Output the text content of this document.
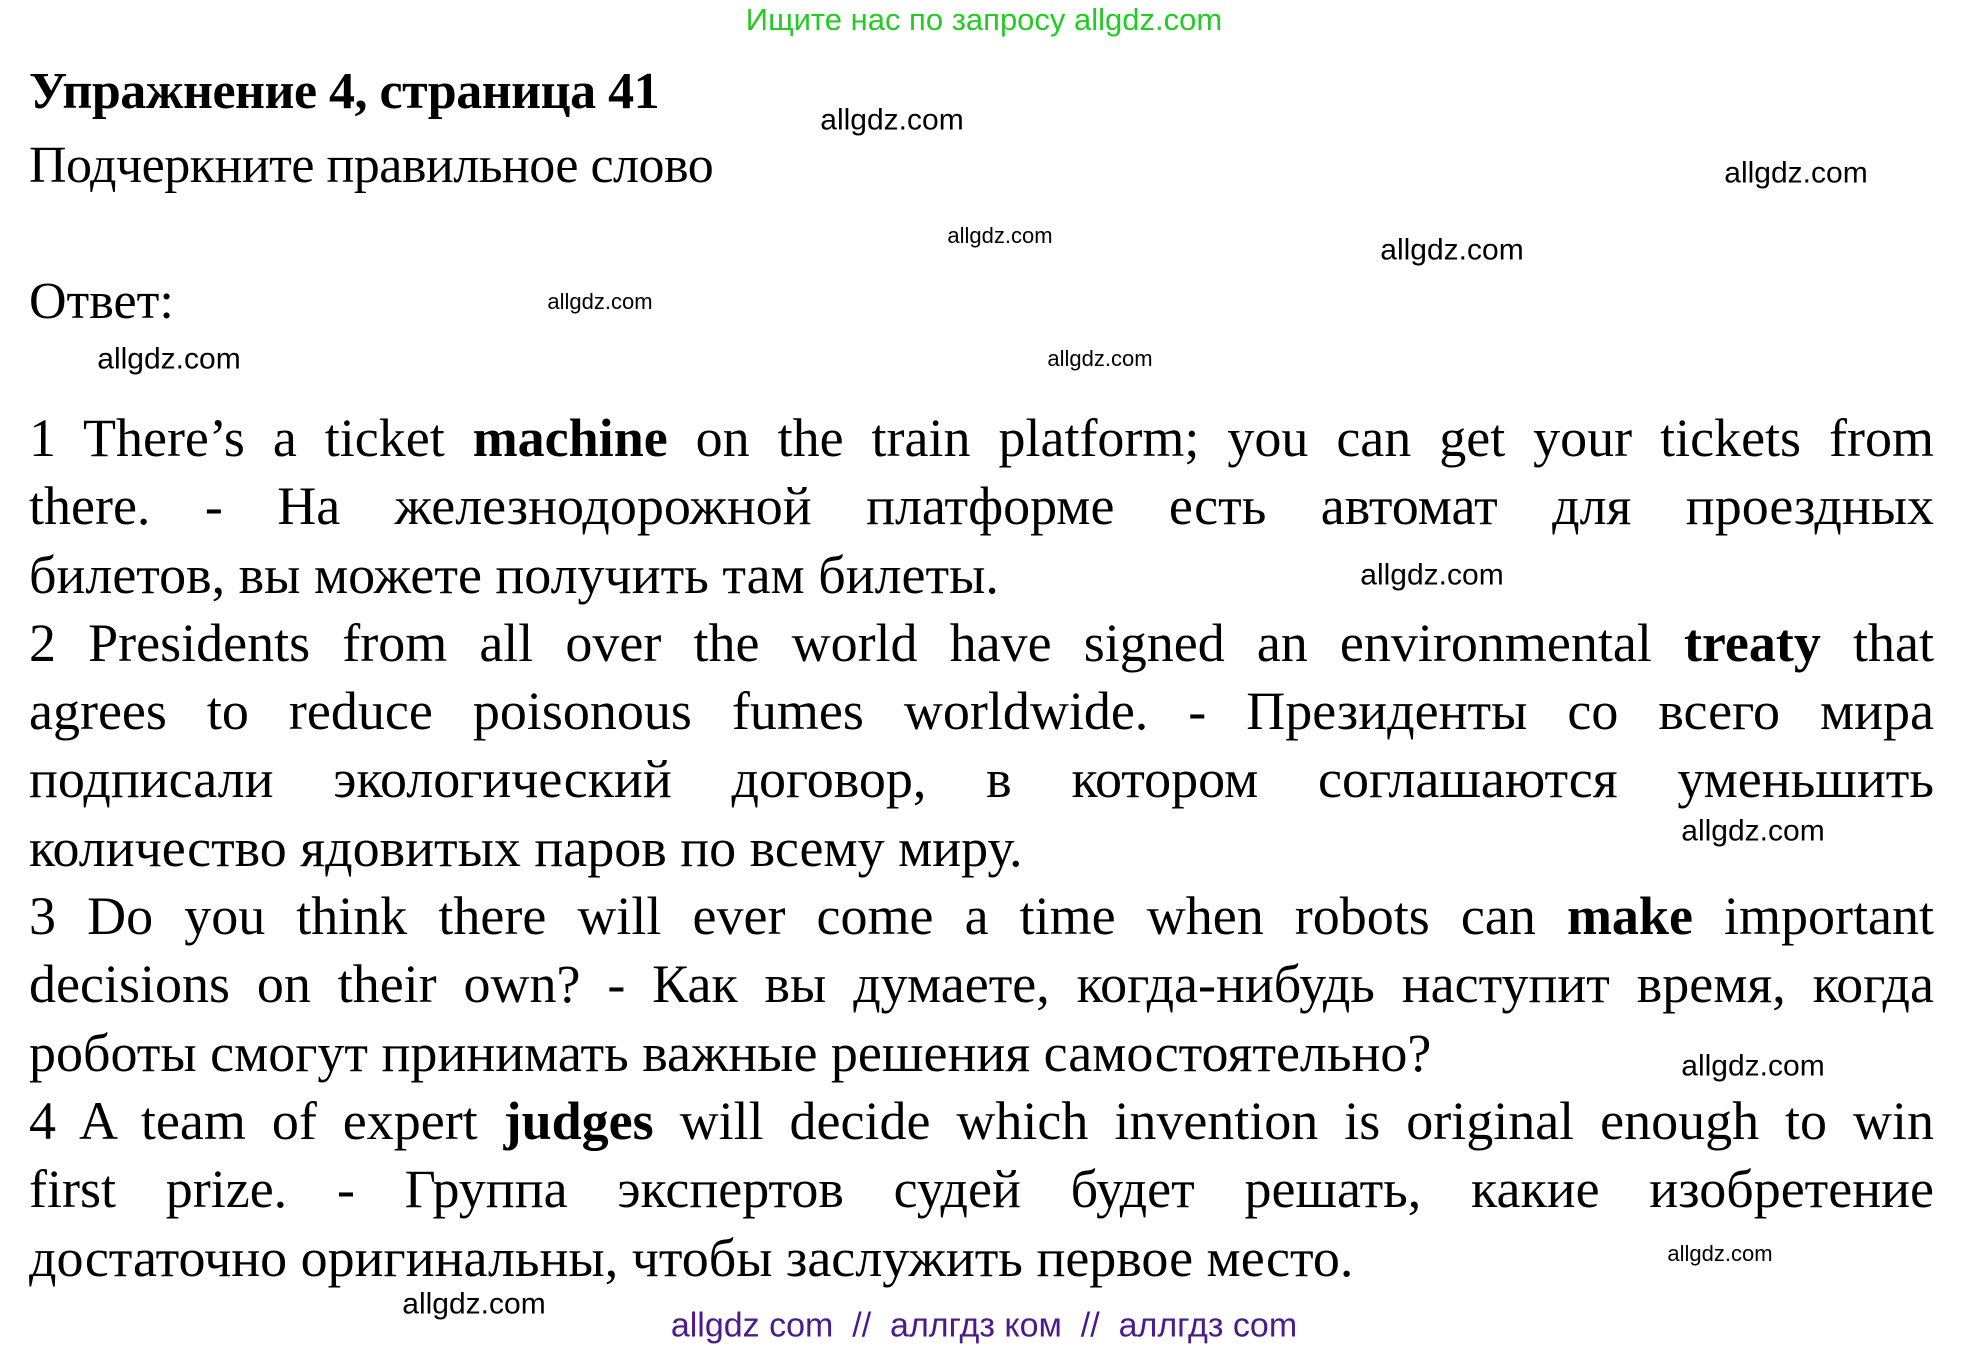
Ищите нас по запросу allgdz.com
Упражнение 4, страница 41
Подчеркните правильное слово
Ответ:
1 There’s a ticket machine on the train platform; you can get your tickets from
there. - На железнодорожной платформе есть автомат для проездных
билетов, вы можете получить там билеты.
2 Presidents from all over the world have signed an environmental treaty that
agrees to reduce poisonous fumes worldwide. - Президенты со всего мира
подписали экологический договор, в котором соглашаются уменьшить
количество ядовитых паров по всему миру.
3 Do you think there will ever come a time when robots can make important
decisions on their own? - Как вы думаете, когда-нибудь наступит время, когда
роботы смогут принимать важные решения самостоятельно?
4 A team of expert judges will decide which invention is original enough to win
first prize. - Группа экспертов судей будет решать, какие изобретение
достаточно оригинальны, чтобы заслужить первое место.
allgdz.com
allgdz.com
allgdz.com
allgdz.com	allgdz.com
allgdz.com
allgdz.com
allgdz.com
allgdz.com
allgdz.com
allgdz.com
allgdz.com
allgdz com  //  аллгдз ком  //  аллгдз com
